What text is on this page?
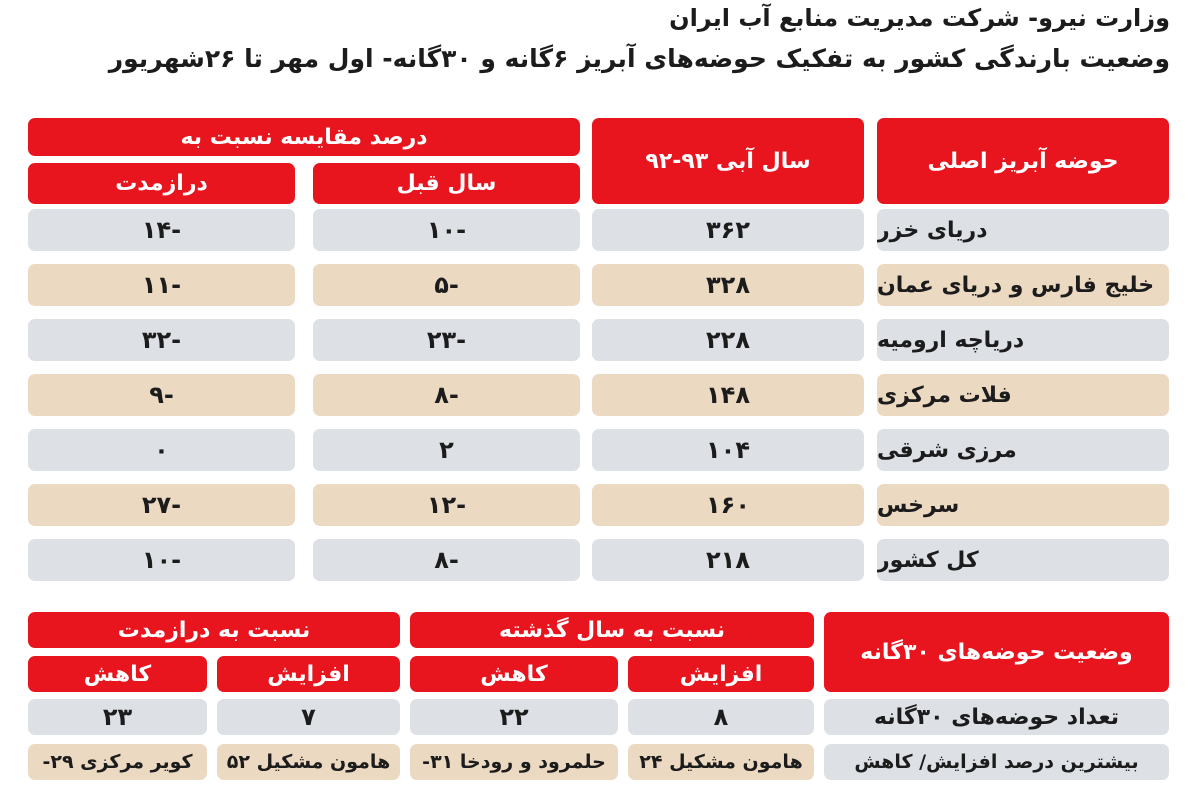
وزارت نیرو- شرکت مدیریت منابع آب ایران
وضعیت بارندگی کشور به تفکیک حوضه‌های آبریز ۶گانه و ۳۰گانه- اول مهر تا ۲۶شهریور
حوضه آبریز اصلی
سال آبی ۹۳-۹۲
درصد مقایسه نسبت به
سال قبل
درازمدت
دریای خزر
۳۶۲
-۱۰
-۱۴
خلیج فارس و دریای عمان
۳۲۸
-۵
-۱۱
دریاچه ارومیه
۲۲۸
-۲۳
-۳۲
فلات مرکزی
۱۴۸
-۸
-۹
مرزی شرقی
۱۰۴
۲
۰
سرخس
۱۶۰
-۱۲
-۲۷
کل کشور
۲۱۸
-۸
-۱۰
وضعیت حوضه‌های ۳۰گانه
نسبت به سال گذشته
نسبت به درازمدت
افزایش
کاهش
افزایش
کاهش
تعداد حوضه‌های ۳۰گانه
۸
۲۲
۷
۲۳
بیشترین درصد افزایش/ کاهش
هامون مشکیل ۲۴
حلمرود و رودخا ۳۱-
هامون مشکیل ۵۲
کویر مرکزی ۲۹-
